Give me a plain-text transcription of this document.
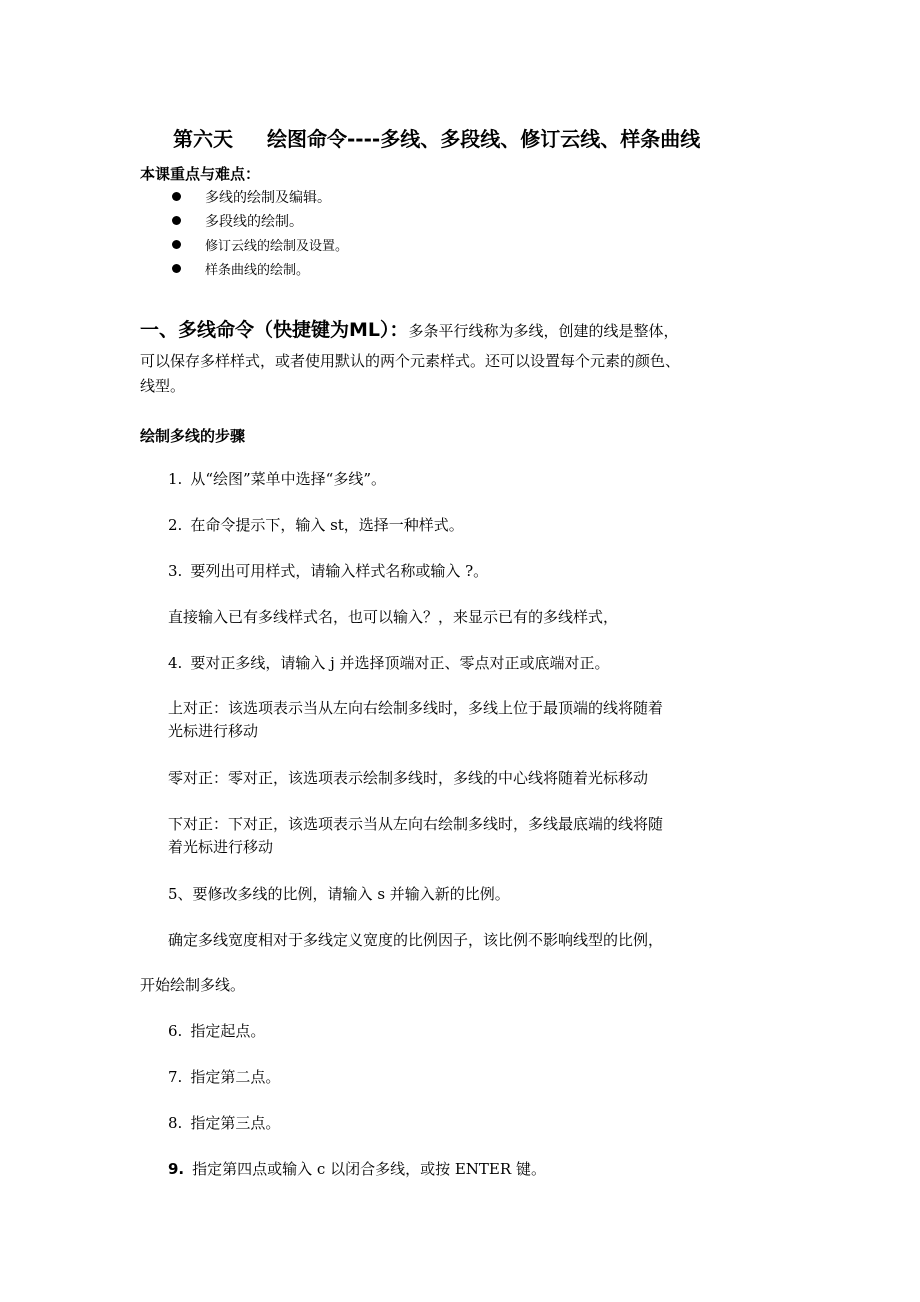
第六天 绘图命令----多线、多段线、修订云线、样条曲线
本课重点与难点：
多线的绘制及编辑。
多段线的绘制。
修订云线的绘制及设置。
样条曲线的绘制。
一、多线命令（快捷键为ML）：多条平行线称为多线，创建的线是整体，
可以保存多样样式，或者使用默认的两个元素样式。还可以设置每个元素的颜色、
线型。
绘制多线的步骤
1. 从“绘图”菜单中选择“多线”。
2. 在命令提示下，输入 st，选择一种样式。
3. 要列出可用样式，请输入样式名称或输入 ?。
直接输入已有多线样式名，也可以输入？，来显示已有的多线样式，
4. 要对正多线，请输入 j 并选择顶端对正、零点对正或底端对正。
上对正：该选项表示当从左向右绘制多线时，多线上位于最顶端的线将随着
光标进行移动
零对正：零对正，该选项表示绘制多线时，多线的中心线将随着光标移动
下对正：下对正，该选项表示当从左向右绘制多线时，多线最底端的线将随
着光标进行移动
5、要修改多线的比例，请输入 s 并输入新的比例。
确定多线宽度相对于多线定义宽度的比例因子，该比例不影响线型的比例，
开始绘制多线。
6. 指定起点。
7. 指定第二点。
8. 指定第三点。
9. 指定第四点或输入 c 以闭合多线，或按 ENTER 键。
